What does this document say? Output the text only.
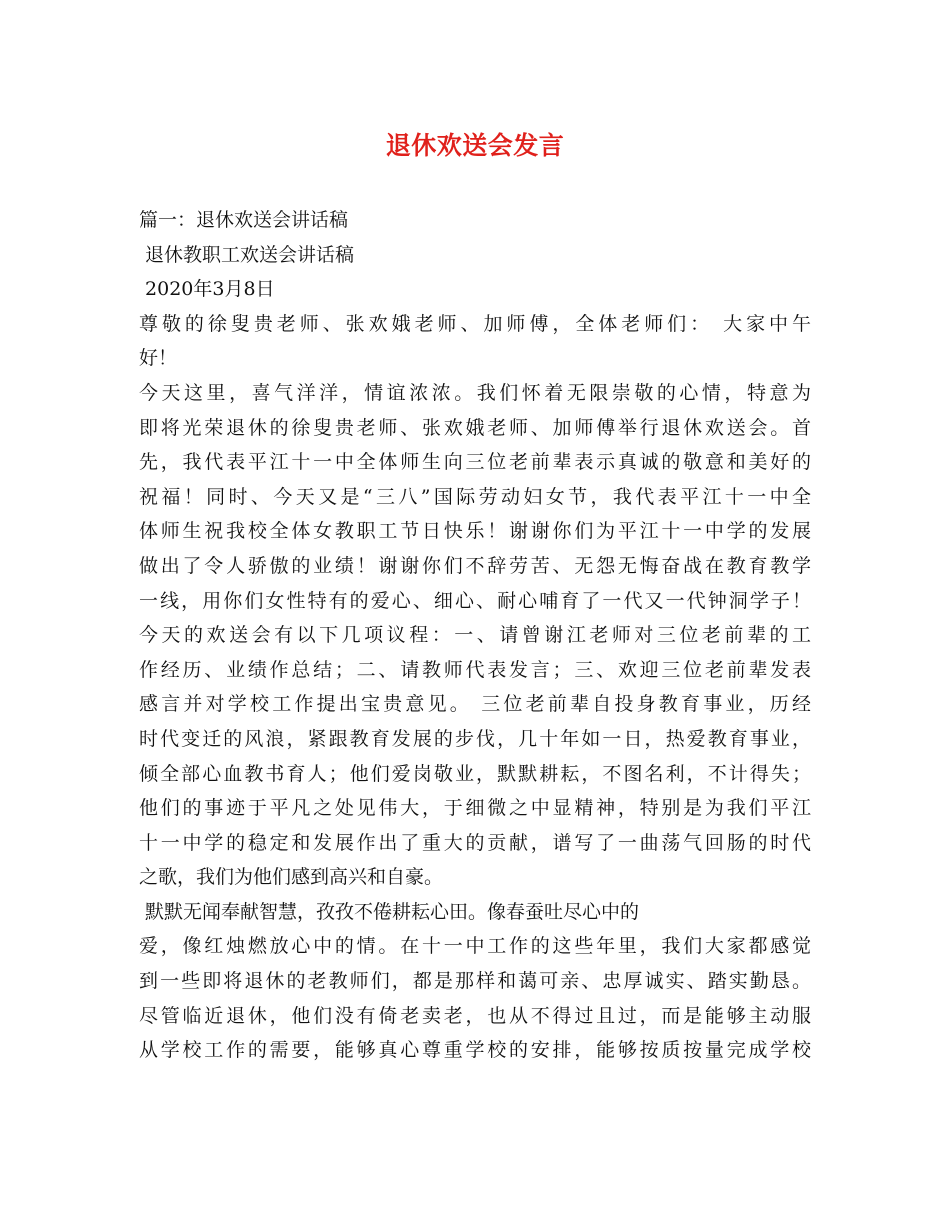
退休欢送会发言
篇一：退休欢送会讲话稿
退休教职工欢送会讲话稿
2020年3月8日
尊敬的徐叟贵老师、张欢娥老师、加师傅，全体老师们： 大家中午
好！
今天这里，喜气洋洋，情谊浓浓。我们怀着无限崇敬的心情，特意为
即将光荣退休的徐叟贵老师、张欢娥老师、加师傅举行退休欢送会。首
先，我代表平江十一中全体师生向三位老前辈表示真诚的敬意和美好的
祝福！同时、今天又是“三八”国际劳动妇女节，我代表平江十一中全
体师生祝我校全体女教职工节日快乐！谢谢你们为平江十一中学的发展
做出了令人骄傲的业绩！谢谢你们不辞劳苦、无怨无悔奋战在教育教学
一线，用你们女性特有的爱心、细心、耐心哺育了一代又一代钟洞学子！
今天的欢送会有以下几项议程：一、请曾谢江老师对三位老前辈的工
作经历、业绩作总结；二、请教师代表发言；三、欢迎三位老前辈发表
感言并对学校工作提出宝贵意见。 三位老前辈自投身教育事业，历经
时代变迁的风浪，紧跟教育发展的步伐，几十年如一日，热爱教育事业，
倾全部心血教书育人；他们爱岗敬业，默默耕耘，不图名利，不计得失；
他们的事迹于平凡之处见伟大，于细微之中显精神，特别是为我们平江
十一中学的稳定和发展作出了重大的贡献，谱写了一曲荡气回肠的时代
之歌，我们为他们感到高兴和自豪。
默默无闻奉献智慧，孜孜不倦耕耘心田。像春蚕吐尽心中的
爱，像红烛燃放心中的情。在十一中工作的这些年里，我们大家都感觉
到一些即将退休的老教师们，都是那样和蔼可亲、忠厚诚实、踏实勤恳。
尽管临近退休，他们没有倚老卖老，也从不得过且过，而是能够主动服
从学校工作的需要，能够真心尊重学校的安排，能够按质按量完成学校
